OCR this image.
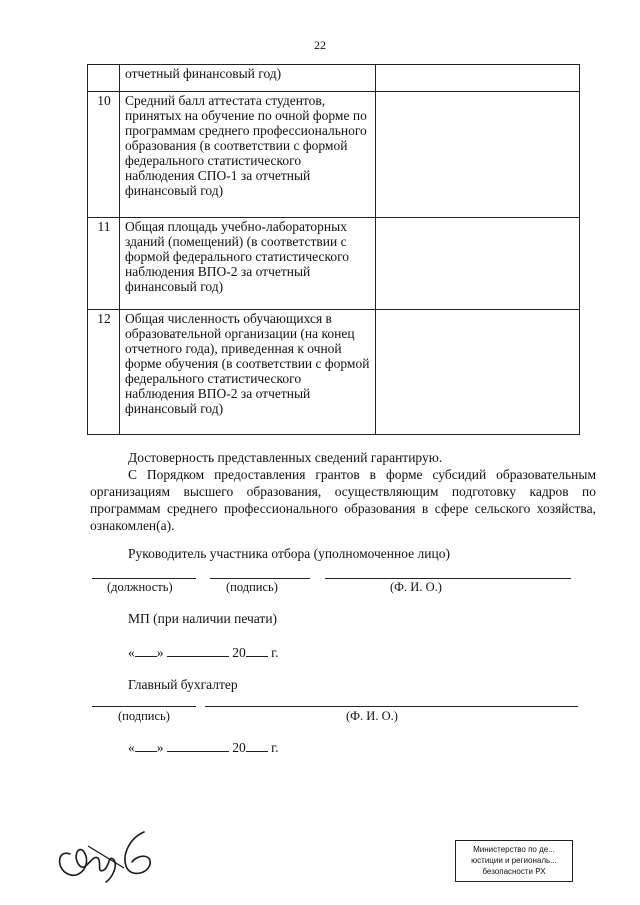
22
	отчетный финансовый год)	
10	Средний балл аттестата студентов, принятых на обучение по очной форме по программам среднего профессионального образования (в соответствии с формой федерального статистического наблюдения СПО-1 за отчетный финансовый год)	
11	Общая площадь учебно-лабораторных зданий (помещений) (в соответствии с формой федерального статистического наблюдения ВПО-2 за отчетный финансовый год)	
12	Общая численность обучающихся в образовательной организации (на конец отчетного года), приведенная к очной форме обучения (в соответствии с формой федерального статистического наблюдения ВПО-2 за отчетный финансовый год)	
Достоверность представленных сведений гарантирую.
С Порядком предоставления грантов в форме субсидий образовательным организациям высшего образования, осуществляющим подготовку кадров по программам среднего профессионального образования в сфере сельского хозяйства, ознакомлен(а).
Руководитель участника отбора (уполномоченное лицо)
(должность)	(подпись)	(Ф. И. О.)
МП (при наличии печати)
« »	20 г.
Главный бухгалтер
(подпись)	(Ф. И. О.)
« »	20 г.
Министерство по де...
юстиции и региональ...
безопасности РХ
